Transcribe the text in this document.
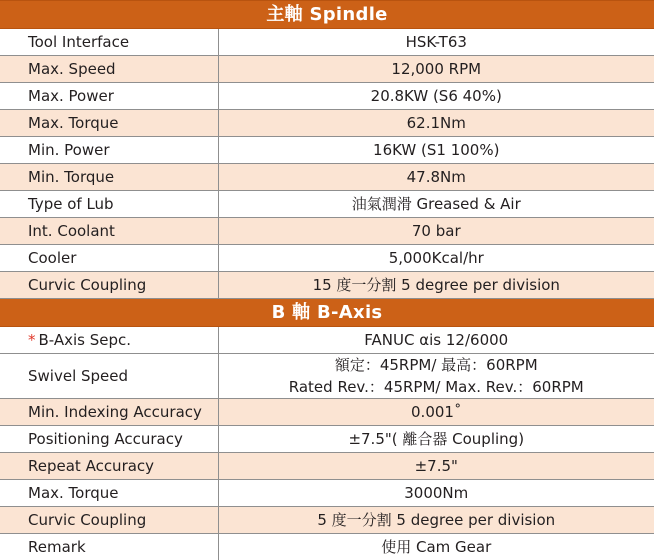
主軸 Spindle	
Tool Interface	HSK-T63
Max. Speed	12,000 RPM
Max. Power	20.8KW (S6 40%)
Max. Torque	62.1Nm
Min. Power	16KW (S1 100%)
Min. Torque	47.8Nm
Type of Lub	油氣潤滑 Greased & Air
Int. Coolant	70 bar
Cooler	5,000Kcal/hr
Curvic Coupling	15 度一分割 5 degree per division
B 軸 B-Axis	
* B-Axis Sepc.	FANUC αis 12/6000
Swivel Speed	額定：45RPM/ 最高：60RPM
Rated Rev.：45RPM/ Max. Rev.：60RPM

Min. Indexing Accuracy	0.001˚
Positioning Accuracy	±7.5"( 離合器 Coupling)
Repeat Accuracy	±7.5"
Max. Torque	3000Nm
Curvic Coupling	5 度一分割 5 degree per division
Remark	使用 Cam Gear
